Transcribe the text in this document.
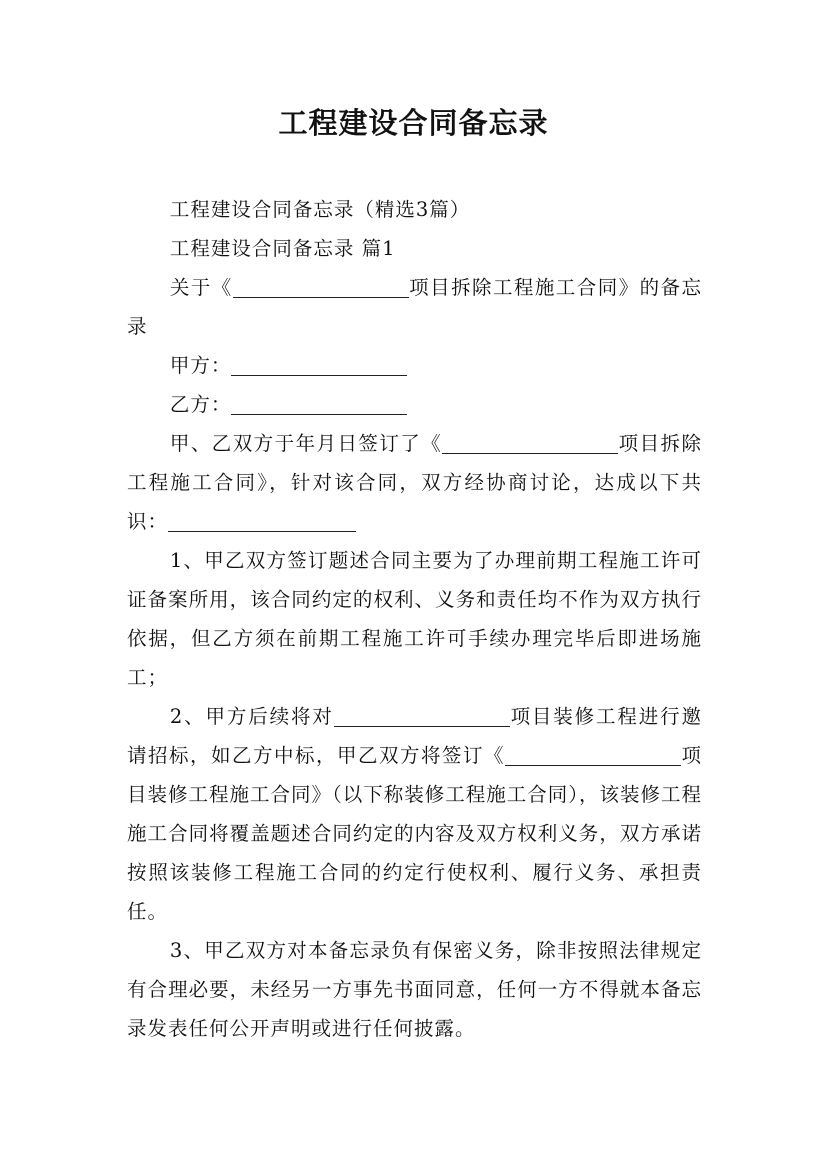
工程建设合同备忘录

工程建设合同备忘录（精选3篇）

工程建设合同备忘录 篇1

关于《	项目拆除工程施工合同》的备忘录

甲方：

乙方：

甲、乙双方于年月日签订了《	项目拆除工程施工合同》，针对该合同，双方经协商讨论，达成以下共识：

1、甲乙双方签订题述合同主要为了办理前期工程施工许可证备案所用，该合同约定的权利、义务和责任均不作为双方执行依据，但乙方须在前期工程施工许可手续办理完毕后即进场施工；

2、甲方后续将对	项目装修工程进行邀请招标，如乙方中标，甲乙双方将签订《	项目装修工程施工合同》（以下称装修工程施工合同），该装修工程施工合同将覆盖题述合同约定的内容及双方权利义务，双方承诺按照该装修工程施工合同的约定行使权利、履行义务、承担责任。

3、甲乙双方对本备忘录负有保密义务，除非按照法律规定有合理必要，未经另一方事先书面同意，任何一方不得就本备忘录发表任何公开声明或进行任何披露。
